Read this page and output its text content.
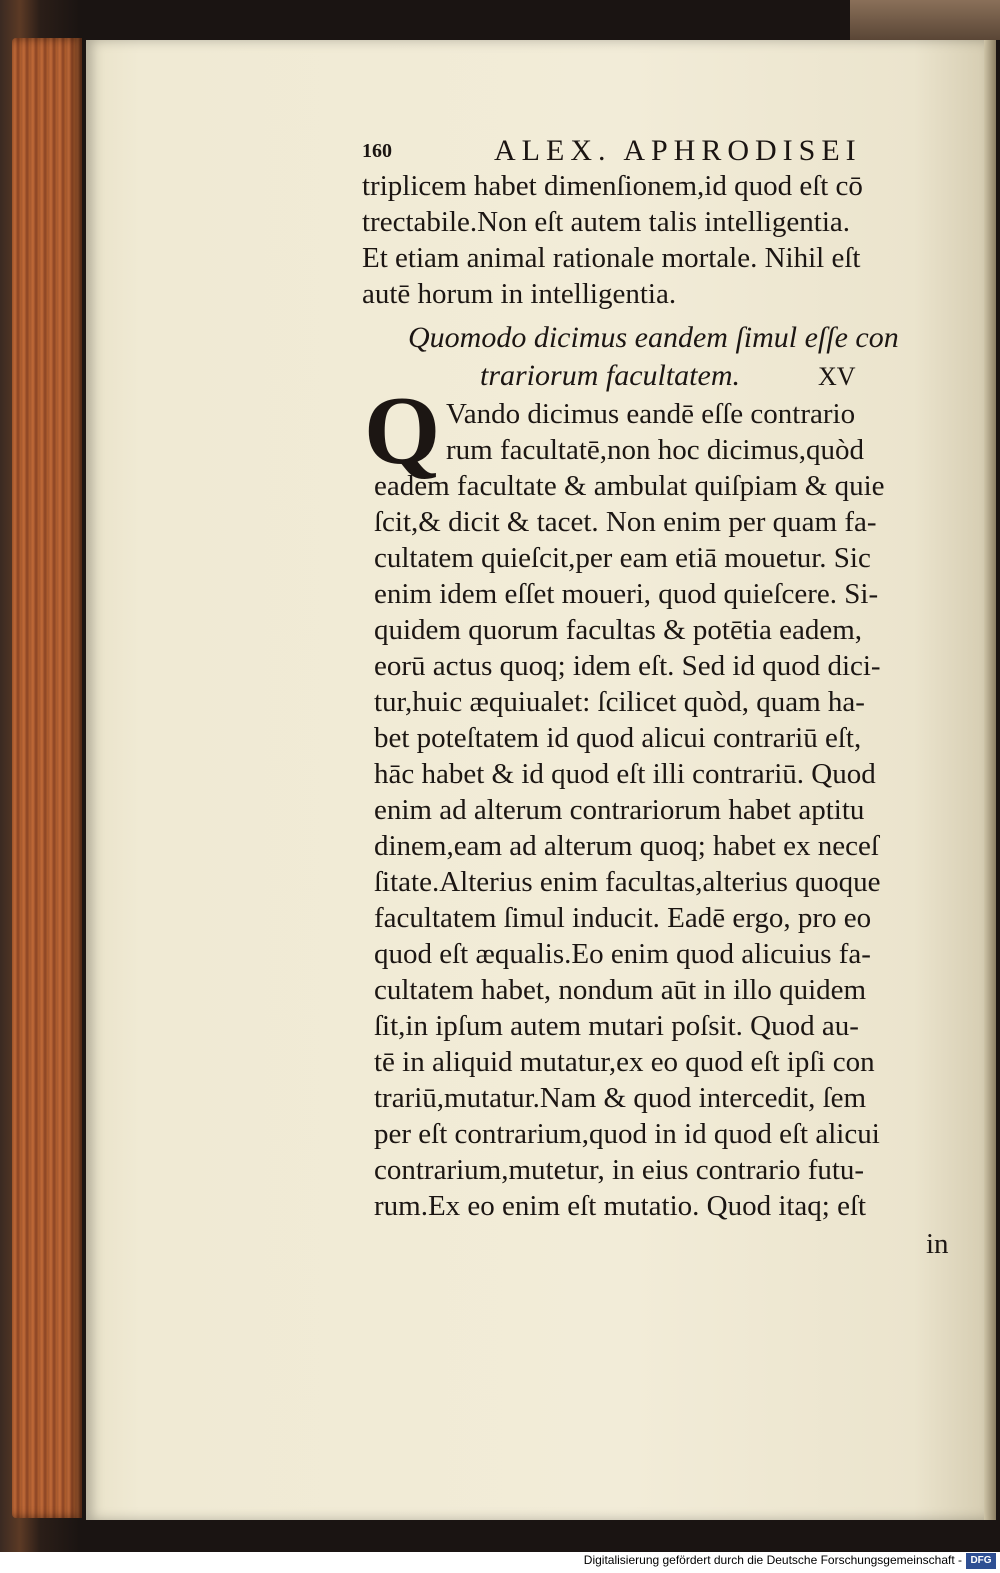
160	ALEX. APHRODISEI
triplicem habet dimenſionem,id quod eſt cō
trectabile.Non eſt autem talis intelligentia.
Et etiam animal rationale mortale. Nihil eſt
autē horum in intelligentia.
Quomodo dicimus eandem ſimul eſſe con
trariorum facultatem.	XV
Q Vando dicimus eandē eſſe contrario
rum facultatē,non hoc dicimus,quòd
eadem facultate & ambulat quiſpiam & quie
ſcit,& dicit & tacet. Non enim per quam fa-
cultatem quieſcit,per eam etiā mouetur. Sic
enim idem eſſet moueri, quod quieſcere. Si-
quidem quorum facultas & potētia eadem,
eorū actus quoq; idem eſt. Sed id quod dici-
tur,huic æquiualet: ſcilicet quòd, quam ha-
bet poteſtatem id quod alicui contrariū eſt,
hāc habet & id quod eſt illi contrariū. Quod
enim ad alterum contrariorum habet aptitu
dinem,eam ad alterum quoq; habet ex neceſ
ſitate.Alterius enim facultas,alterius quoque
facultatem ſimul inducit. Eadē ergo, pro eo
quod eſt æqualis.Eo enim quod alicuius fa-
cultatem habet, nondum aūt in illo quidem
ſit,in ipſum autem mutari poſsit. Quod au-
tē in aliquid mutatur,ex eo quod eſt ipſi con
trariū,mutatur.Nam & quod intercedit, ſem
per eſt contrarium,quod in id quod eſt alicui
contrarium,mutetur, in eius contrario futu-
rum.Ex eo enim eſt mutatio. Quod itaq; eſt
in
Digitalisierung gefördert durch die Deutsche Forschungsgemeinschaft - DFG
